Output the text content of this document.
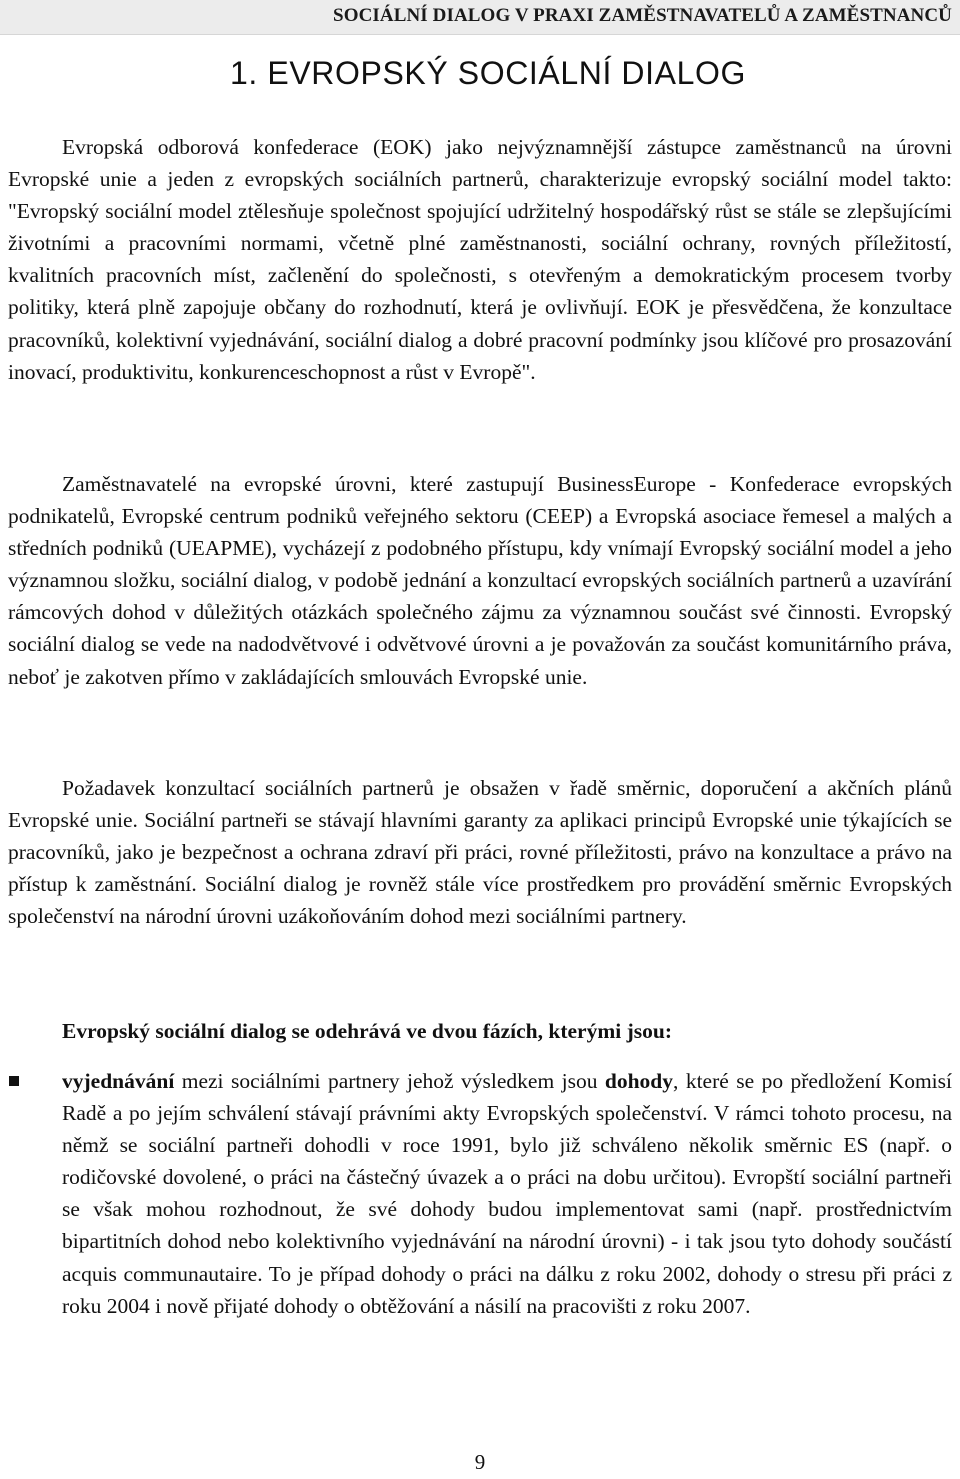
SOCIÁLNÍ DIALOG V PRAXI ZAMĚSTNAVATELŮ A ZAMĚSTNANCŮ
1. EVROPSKÝ SOCIÁLNÍ DIALOG

Evropská odborová konfederace (EOK) jako nejvýznamnější zástupce zaměstnanců na úrovni Evropské unie a jeden z evropských sociálních partnerů, charakterizuje evropský sociální model takto: "Evropský sociální model ztělesňuje společnost spojující udržitelný hospodářský růst se stále se zlepšujícími životními a pracovními normami, včetně plné zaměstnanosti, sociální ochrany, rovných příležitostí, kvalitních pracovních míst, začlenění do společnosti, s otevřeným a demokratickým procesem tvorby politiky, která plně zapojuje občany do rozhodnutí, která je ovlivňují. EOK je přesvědčena, že konzultace pracovníků, kolektivní vyjednávání, sociální dialog a dobré pracovní podmínky jsou klíčové pro prosazování inovací, produktivitu, konkurenceschopnost a růst v Evropě".

Zaměstnavatelé na evropské úrovni, které zastupují BusinessEurope - Konfederace evropských podnikatelů, Evropské centrum podniků veřejného sektoru (CEEP) a Evropská asociace řemesel a malých a středních podniků (UEAPME), vycházejí z podobného přístupu, kdy vnímají Evropský sociální model a jeho významnou složku, sociální dialog, v podobě jednání a konzultací evropských sociálních partnerů a uzavírání rámcových dohod v důležitých otázkách společného zájmu za významnou součást své činnosti. Evropský sociální dialog se vede na nadodvětvové i odvětvové úrovni a je považován za součást komunitárního práva, neboť je zakotven přímo v zakládajících smlouvách Evropské unie.

Požadavek konzultací sociálních partnerů je obsažen v řadě směrnic, doporučení a akčních plánů Evropské unie. Sociální partneři se stávají hlavními garanty za aplikaci principů Evropské unie týkajících se pracovníků, jako je bezpečnost a ochrana zdraví při práci, rovné příležitosti, právo na konzultace a právo na přístup k zaměstnání. Sociální dialog je rovněž stále více prostředkem pro provádění směrnic Evropských společenství na národní úrovni uzákoňováním dohod mezi sociálními partnery.

Evropský sociální dialog se odehrává ve dvou fázích, kterými jsou:
vyjednávání mezi sociálními partnery jehož výsledkem jsou dohody, které se po předložení Komisí Radě a po jejím schválení stávají právními akty Evropských společenství. V rámci tohoto procesu, na němž se sociální partneři dohodli v roce 1991, bylo již schváleno několik směrnic ES (např. o rodičovské dovolené, o práci na částečný úvazek a o práci na dobu určitou). Evropští sociální partneři se však mohou rozhodnout, že své dohody budou implementovat sami (např. prostřednictvím bipartitních dohod nebo kolektivního vyjednávání na národní úrovni) - i tak jsou tyto dohody součástí acquis communautaire. To je případ dohody o práci na dálku z roku 2002, dohody o stresu při práci z roku 2004 i nově přijaté dohody o obtěžování a násilí na pracovišti z roku 2007.
9
